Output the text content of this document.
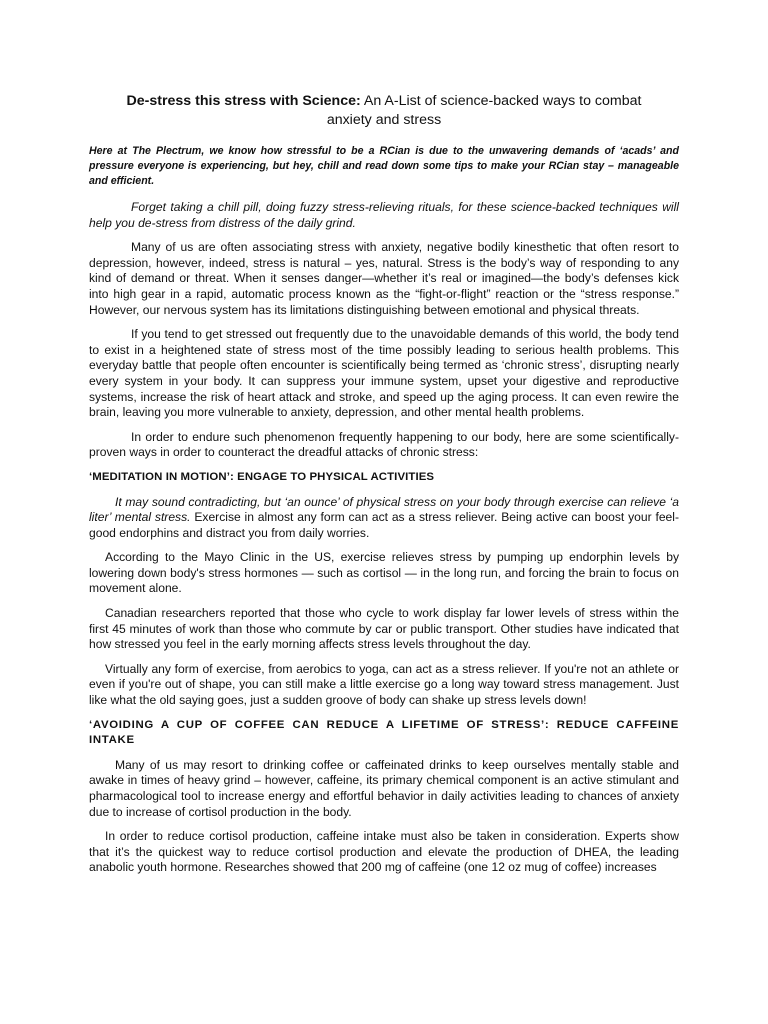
De-stress this stress with Science: An A-List of science-backed ways to combat anxiety and stress
Here at The Plectrum, we know how stressful to be a RCian is due to the unwavering demands of ‘acads’ and pressure everyone is experiencing, but hey, chill and read down some tips to make your RCian stay – manageable and efficient.

Forget taking a chill pill, doing fuzzy stress-relieving rituals, for these science-backed techniques will help you de-stress from distress of the daily grind.

Many of us are often associating stress with anxiety, negative bodily kinesthetic that often resort to depression, however, indeed, stress is natural – yes, natural. Stress is the body’s way of responding to any kind of demand or threat. When it senses danger—whether it’s real or imagined—the body’s defenses kick into high gear in a rapid, automatic process known as the “fight-or-flight” reaction or the “stress response.” However, our nervous system has its limitations distinguishing between emotional and physical threats.

If you tend to get stressed out frequently due to the unavoidable demands of this world, the body tend to exist in a heightened state of stress most of the time possibly leading to serious health problems. This everyday battle that people often encounter is scientifically being termed as ‘chronic stress’, disrupting nearly every system in your body. It can suppress your immune system, upset your digestive and reproductive systems, increase the risk of heart attack and stroke, and speed up the aging process. It can even rewire the brain, leaving you more vulnerable to anxiety, depression, and other mental health problems.

In order to endure such phenomenon frequently happening to our body, here are some scientifically-proven ways in order to counteract the dreadful attacks of chronic stress:

‘MEDITATION IN MOTION’: ENGAGE TO PHYSICAL ACTIVITIES

It may sound contradicting, but ‘an ounce’ of physical stress on your body through exercise can relieve ‘a liter’ mental stress. Exercise in almost any form can act as a stress reliever. Being active can boost your feel-good endorphins and distract you from daily worries.

According to the Mayo Clinic in the US, exercise relieves stress by pumping up endorphin levels by lowering down body's stress hormones — such as cortisol — in the long run, and forcing the brain to focus on movement alone.

Canadian researchers reported that those who cycle to work display far lower levels of stress within the first 45 minutes of work than those who commute by car or public transport. Other studies have indicated that how stressed you feel in the early morning affects stress levels throughout the day.

Virtually any form of exercise, from aerobics to yoga, can act as a stress reliever. If you're not an athlete or even if you're out of shape, you can still make a little exercise go a long way toward stress management. Just like what the old saying goes, just a sudden groove of body can shake up stress levels down!

‘AVOIDING A CUP OF COFFEE CAN REDUCE A LIFETIME OF STRESS’: REDUCE CAFFEINE INTAKE

Many of us may resort to drinking coffee or caffeinated drinks to keep ourselves mentally stable and awake in times of heavy grind – however, caffeine, its primary chemical component is an active stimulant and pharmacological tool to increase energy and effortful behavior in daily activities leading to chances of anxiety due to increase of cortisol production in the body.

In order to reduce cortisol production, caffeine intake must also be taken in consideration. Experts show that it’s the quickest way to reduce cortisol production and elevate the production of DHEA, the leading anabolic youth hormone. Researches showed that 200 mg of caffeine (one 12 oz mug of coffee) increases
